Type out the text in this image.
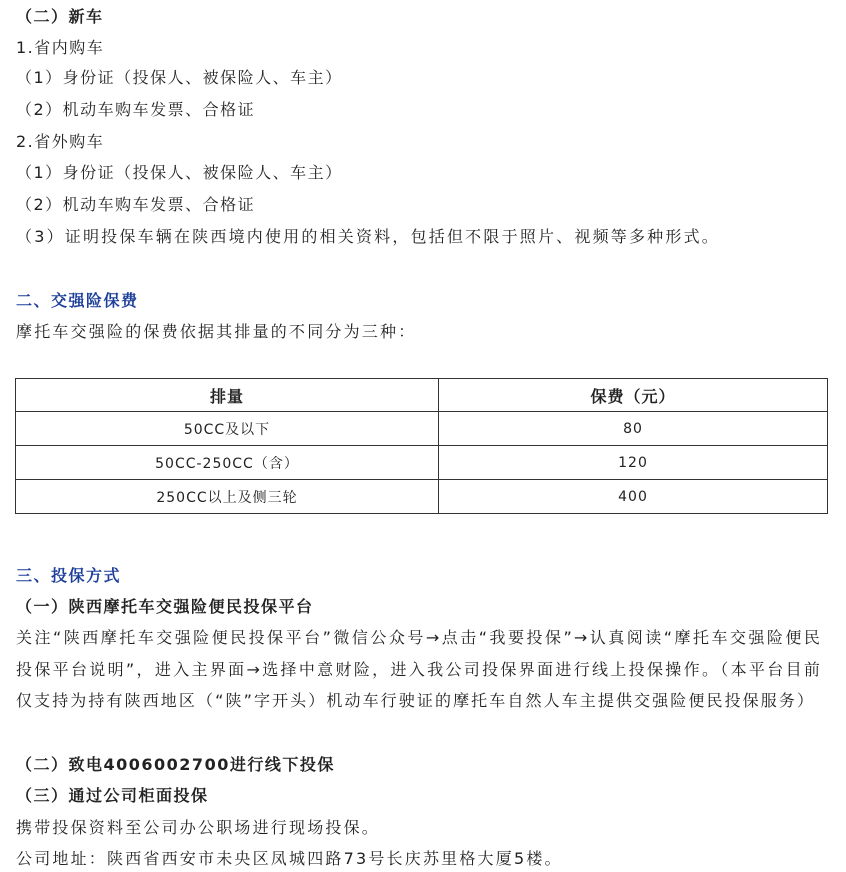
（二）新车
1.省内购车
（1）身份证（投保人、被保险人、车主）
（2）机动车购车发票、合格证
2.省外购车
（1）身份证（投保人、被保险人、车主）
（2）机动车购车发票、合格证
（3）证明投保车辆在陕西境内使用的相关资料，包括但不限于照片、视频等多种形式。
二、交强险保费
摩托车交强险的保费依据其排量的不同分为三种：
排量	保费（元）
50CC及以下	80
50CC-250CC（含）	120
250CC以上及侧三轮	400
三、投保方式
（一）陕西摩托车交强险便民投保平台
关注“陕西摩托车交强险便民投保平台”微信公众号→点击“我要投保”→认真阅读“摩托车交强险便民投保平台说明”，进入主界面→选择中意财险，进入我公司投保界面进行线上投保操作。（本平台目前仅支持为持有陕西地区（“陕”字开头）机动车行驶证的摩托车自然人车主提供交强险便民投保服务）
（二）致电4006002700进行线下投保
（三）通过公司柜面投保
携带投保资料至公司办公职场进行现场投保。
公司地址：陕西省西安市未央区凤城四路73号长庆苏里格大厦5楼。
